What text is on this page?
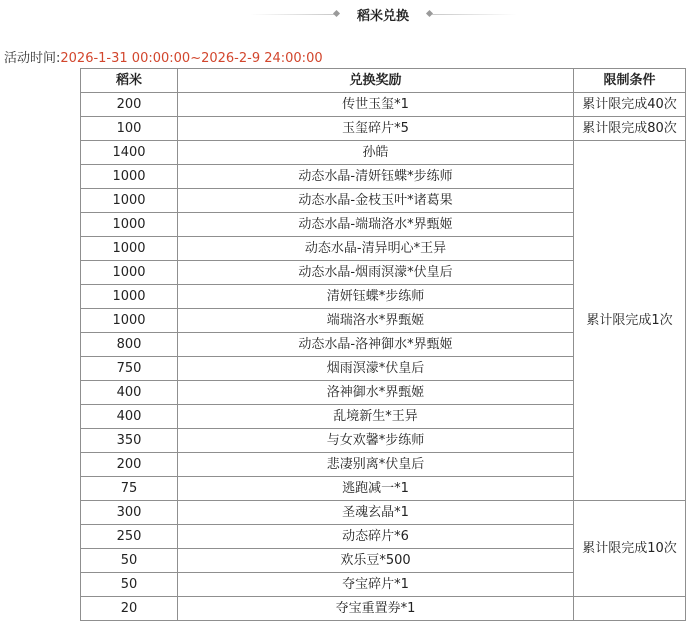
稻米兑换
活动时间:2026-1-31 00:00:00~2026-2-9 24:00:00
稻米	兑换奖励	限制条件
200	传世玉玺*1	累计限完成40次
100	玉玺碎片*5	累计限完成80次
1400	孙皓	累计限完成1次
1000	动态水晶-清妍钰蝶*步练师	
1000	动态水晶-金枝玉叶*诸葛果	
1000	动态水晶-端瑞洛水*界甄姬	
1000	动态水晶-清异明心*王异	
1000	动态水晶-烟雨溟濛*伏皇后	
1000	清妍钰蝶*步练师	
1000	端瑞洛水*界甄姬	
800	动态水晶-洛神御水*界甄姬	
750	烟雨溟濛*伏皇后	
400	洛神御水*界甄姬	
400	乱境新生*王异	
350	与女欢馨*步练师	
200	悲凄别离*伏皇后	
75	逃跑减一*1	
300	圣魂玄晶*1	累计限完成10次
250	动态碎片*6	
50	欢乐豆*500	
50	夺宝碎片*1	
20	夺宝重置券*1	
